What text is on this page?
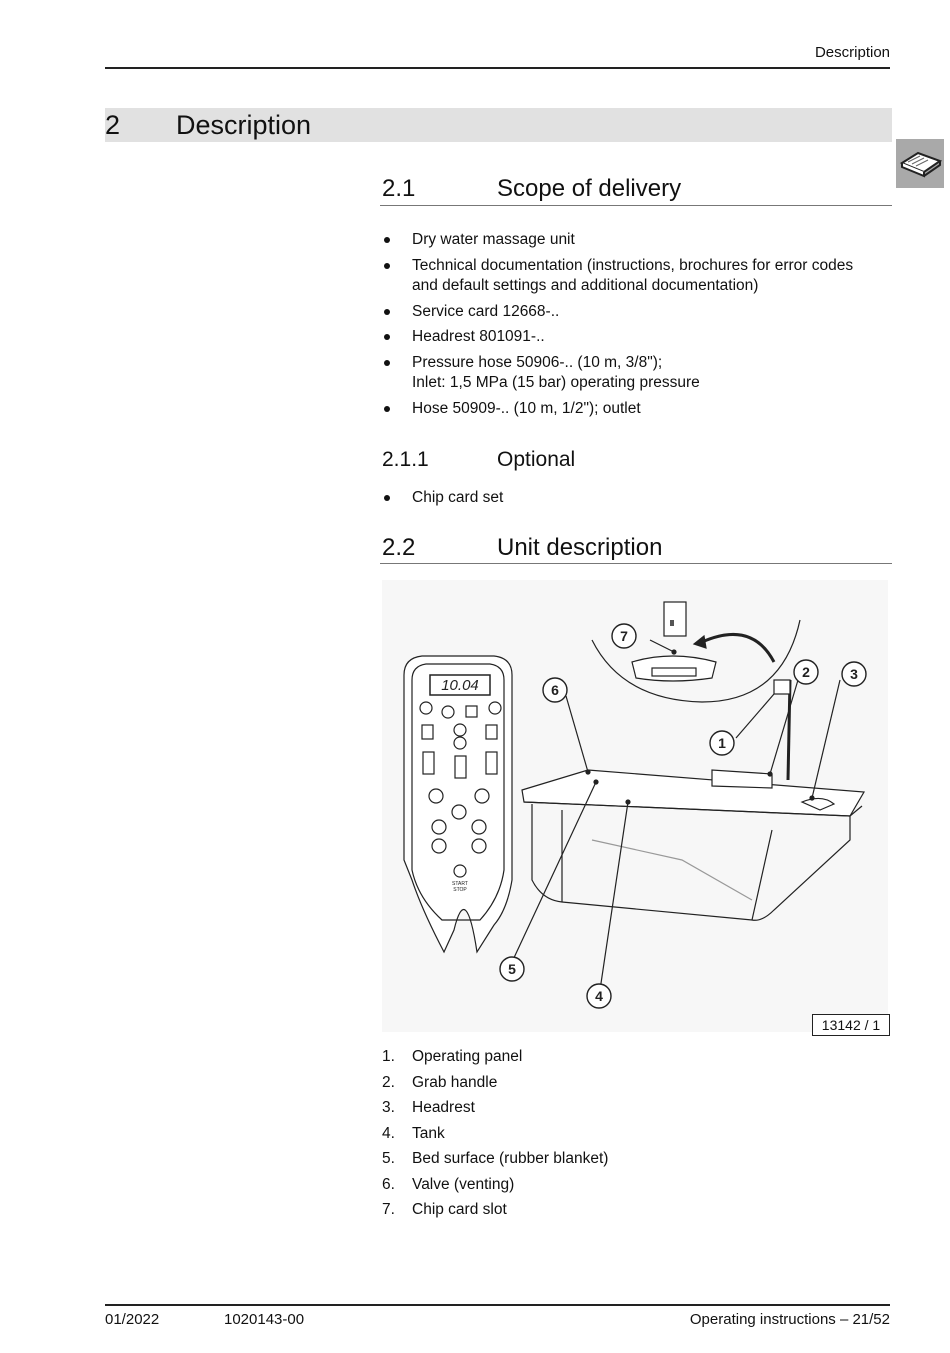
Description
2 Description
2.1	Scope of delivery
Dry water massage unit
Technical documentation (instructions, brochures for error codes and default settings and additional documentation)
Service card 12668-..
Headrest 801091-..
Pressure hose 50906-.. (10 m, 3/8");
Inlet: 1,5 MPa (15 bar) operating pressure
Hose 50909-.. (10 m, 1/2"); outlet
2.1.1	Optional
Chip card set
2.2	Unit description
10.04
START
STOP
7
6
2	3
1
5
4
13142 / 1
1. Operating panel
2. Grab handle
3. Headrest
4. Tank
5. Bed surface (rubber blanket)
6. Valve (venting)
7. Chip card slot
01/2022	1020143-00	Operating instructions – 21/52
